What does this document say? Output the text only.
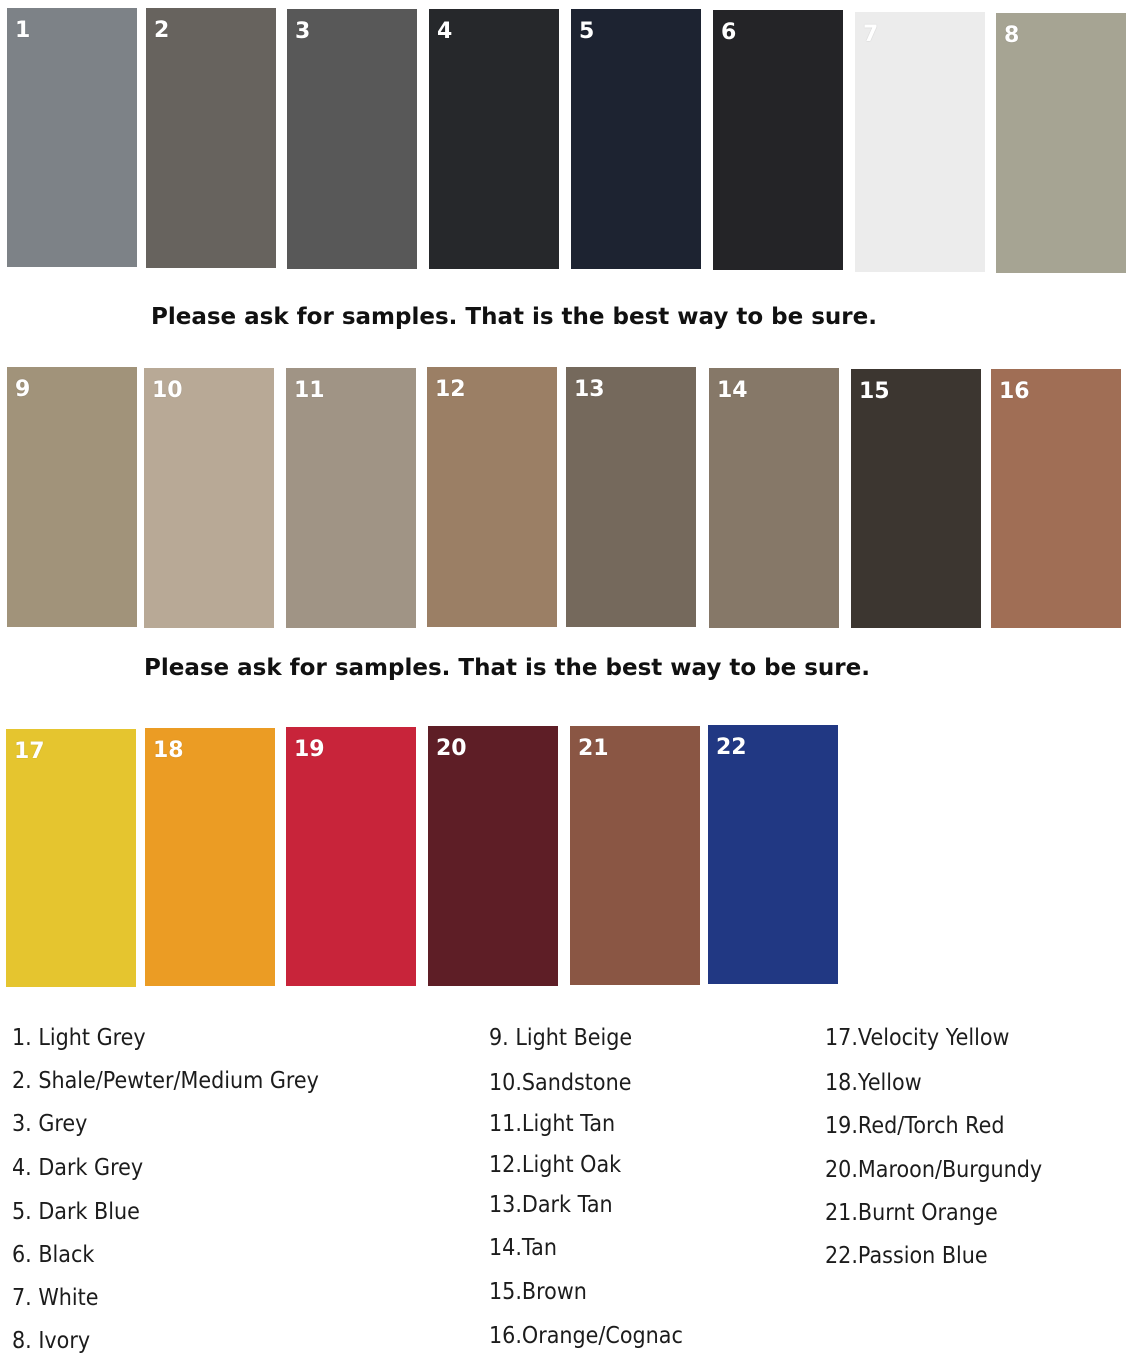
1	2	3	4	5	6	7	8
Please ask for samples. That is the best way to be sure.
9	10	11	12	13	14	15	16
Please ask for samples. That is the best way to be sure.
17	18	19	20	21	22
1. Light Grey
2. Shale/Pewter/Medium Grey
3. Grey
4. Dark Grey
5. Dark Blue
6. Black
7. White
8. Ivory
9. Light Beige
10.Sandstone
11.Light Tan
12.Light Oak
13.Dark Tan
14.Tan
15.Brown
16.Orange/Cognac
17.Velocity Yellow
18.Yellow
19.Red/Torch Red
20.Maroon/Burgundy
21.Burnt Orange
22.Passion Blue
